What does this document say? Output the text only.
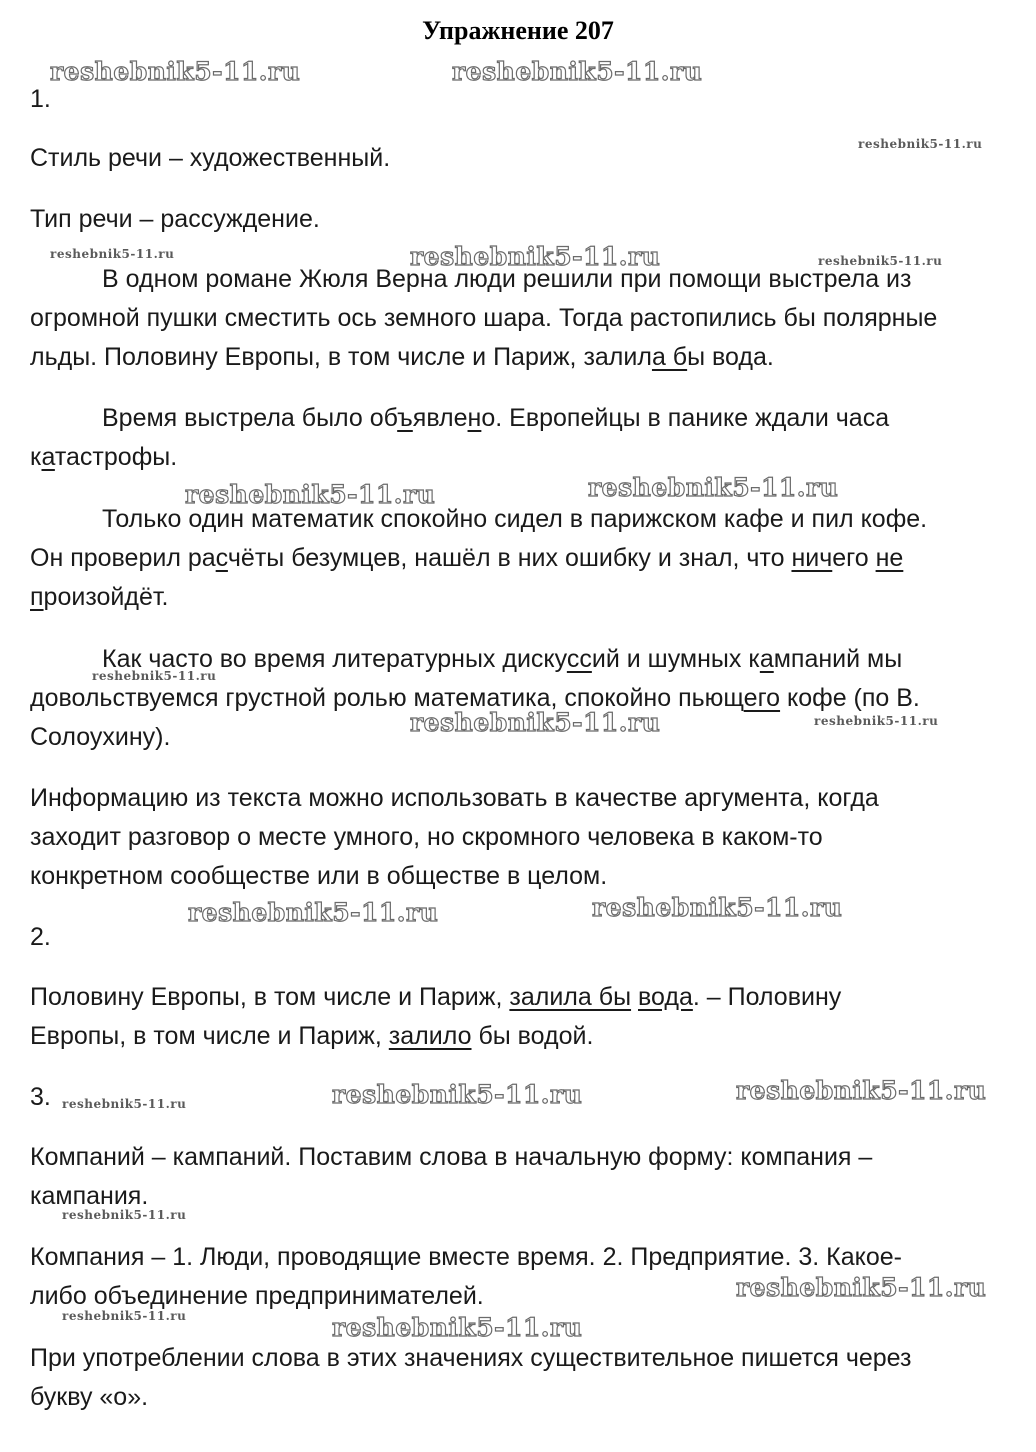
Упражнение 207
reshebnik5-11.ru	reshebnik5-11.ru
reshebnik5-11.ru
reshebnik5-11.ru	reshebnik5-11.ru	reshebnik5-11.ru
reshebnik5-11.ru	reshebnik5-11.ru
reshebnik5-11.ru
reshebnik5-11.ru	reshebnik5-11.ru
reshebnik5-11.ru	reshebnik5-11.ru
reshebnik5-11.ru	reshebnik5-11.ru	reshebnik5-11.ru
reshebnik5-11.ru
reshebnik5-11.ru
reshebnik5-11.ru	reshebnik5-11.ru

1.

Стиль речи – художественный.

Тип речи – рассуждение.

В одном романе Жюля Верна люди решили при помощи выстрела из

огромной пушки сместить ось земного шара. Тогда растопились бы полярные

льды. Половину Европы, в том числе и Париж, залила бы вода.

Время выстрела было объявлено. Европейцы в панике ждали часа

катастрофы.

Только один математик спокойно сидел в парижском кафе и пил кофе.

Он проверил расчёты безумцев, нашёл в них ошибку и знал, что ничего не

произойдёт.

Как часто во время литературных дискуссий и шумных кампаний мы

довольствуемся грустной ролью математика, спокойно пьющего кофе (по В.

Солоухину).

Информацию из текста можно использовать в качестве аргумента, когда

заходит разговор о месте умного, но скромного человека в каком-то

конкретном сообществе или в обществе в целом.

2.

Половину Европы, в том числе и Париж, залила бы вода. – Половину

Европы, в том числе и Париж, залило бы водой.

3.

Компаний – кампаний. Поставим слова в начальную форму: компания –

кампания.

Компания – 1. Люди, проводящие вместе время. 2. Предприятие. 3. Какое-

либо объединение предпринимателей.

При употреблении слова в этих значениях существительное пишется через

букву «о».
